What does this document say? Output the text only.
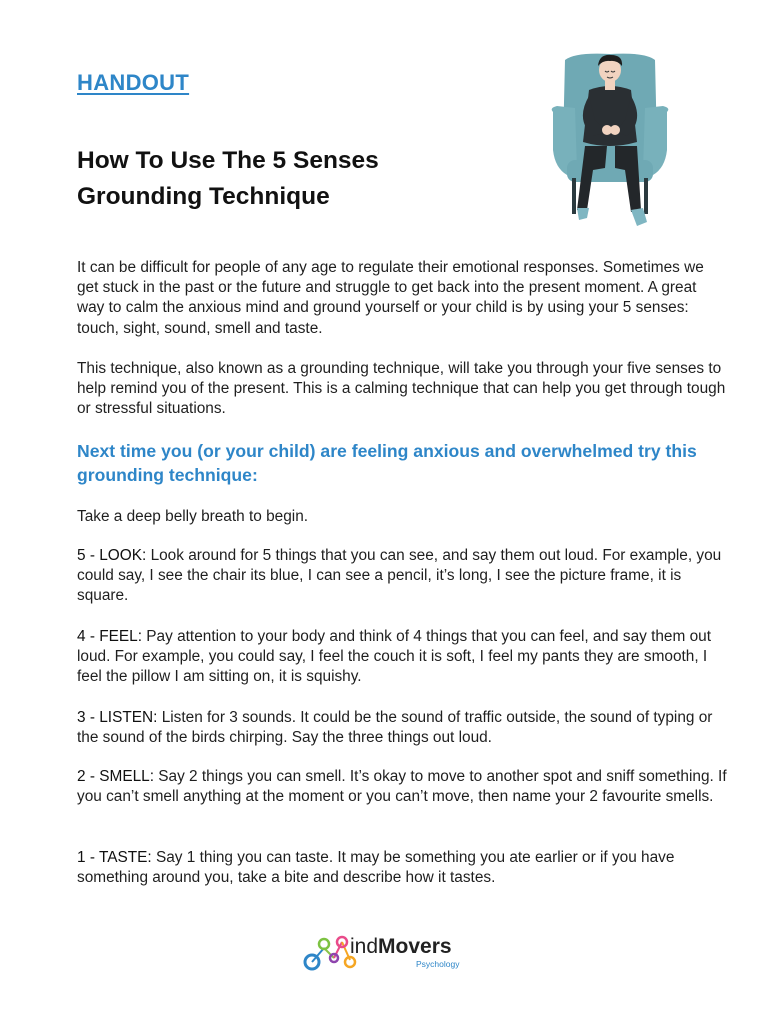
HANDOUT
How To Use The 5 Senses
Grounding Technique

It can be difficult for people of any age to regulate their emotional responses. Sometimes we get stuck in the past or the future and struggle to get back into the present moment. A great way to calm the anxious mind and ground yourself or your child is by using your 5 senses: touch, sight, sound, smell and taste.

This technique, also known as a grounding technique, will take you through your five senses to help remind you of the present. This is a calming technique that can help you get through tough or stressful situations.

Next time you (or your child) are feeling anxious and overwhelmed try this grounding technique:

Take a deep belly breath to begin.

5 - LOOK: Look around for 5 things that you can see, and say them out loud. For example, you could say, I see the chair its blue, I can see a pencil, it’s long, I see the picture frame, it is square.

4 - FEEL: Pay attention to your body and think of 4 things that you can feel, and say them out loud. For example, you could say, I feel the couch it is soft, I feel my pants they are smooth, I feel the pillow I am sitting on, it is squishy.

3 - LISTEN: Listen for 3 sounds. It could be the sound of traffic outside, the sound of typing or the sound of the birds chirping. Say the three things out loud.

2 - SMELL: Say 2 things you can smell. It’s okay to move to another spot and sniff something. If you can’t smell anything at the moment or you can’t move, then name your 2 favourite smells.

1 - TASTE: Say 1 thing you can taste. It may be something you ate earlier or if you have something around you, take a bite and describe how it tastes.

indMovers
Psychology
